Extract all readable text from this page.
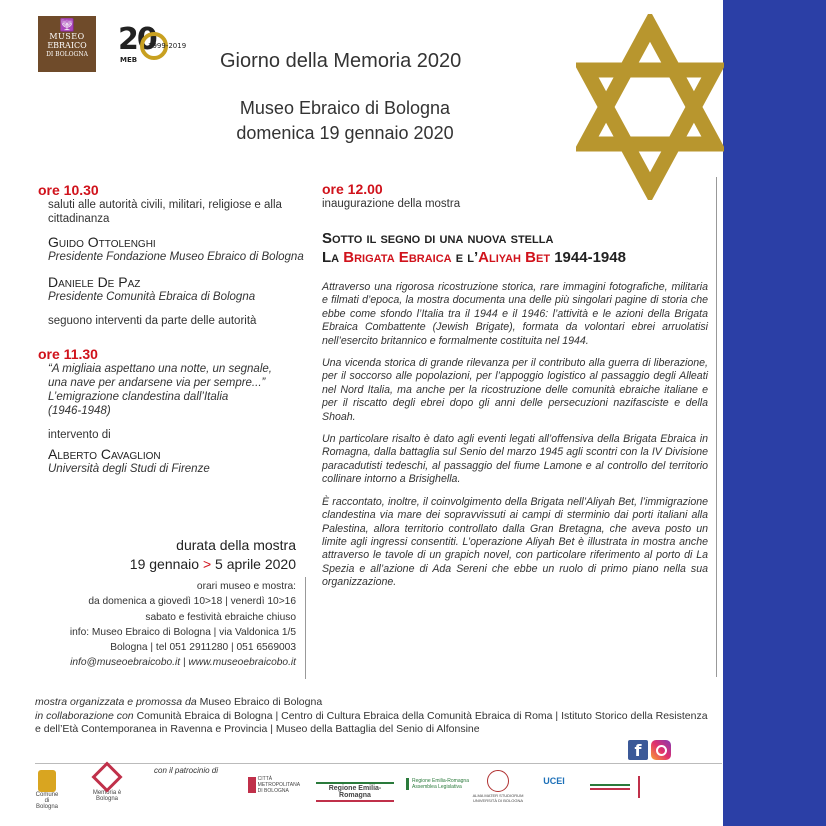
🕎
MUSEO
EBRAICO
DI BOLOGNA 20
1999-2019
MEB	Giorno della Memoria 2020
Museo Ebraico di Bologna
domenica 19 gennaio 2020
ore 10.30
saluti alle autorità civili, militari, religiose e alla cittadinanza
Guido Ottolenghi
Presidente Fondazione Museo Ebraico di Bologna
Daniele De Paz
Presidente Comunità Ebraica di Bologna
seguono interventi da parte delle autorità
ore 11.30
“A migliaia aspettano una notte, un segnale,
una nave per andarsene via per sempre...”
L’emigrazione clandestina dall’Italia
(1946-1948)
intervento di
Alberto Cavaglion
Università degli Studi di Firenze
durata della mostra
19 gennaio > 5 aprile 2020
orari museo e mostra:
da domenica a giovedì 10>18 | venerdì 10>16
sabato e festività ebraiche chiuso
info: Museo Ebraico di Bologna | via Valdonica 1/5
Bologna | tel 051 2911280 | 051 6569003
info@museoebraicobo.it | www.museoebraicobo.it
ore 12.00
inaugurazione della mostra
Sotto il segno di una nuova stella
La Brigata Ebraica e l’Aliyah Bet 1944-1948

Attraverso una rigorosa ricostruzione storica, rare immagini fotografiche, militaria e filmati d’epoca, la mostra documenta una delle più singolari pagine di storia che ebbe come sfondo l’Italia tra il 1944 e il 1946: l’attività e le azioni della Brigata Ebraica Combattente (Jewish Brigate), formata da volontari ebrei arruolatisi nell’esercito britannico e formalmente costituita nel 1944.

Una vicenda storica di grande rilevanza per il contributo alla guerra di liberazione, per il soccorso alle popolazioni, per l’appoggio logistico al passaggio degli Alleati nel Nord Italia, ma anche per la ricostruzione delle comunità ebraiche italiane e per il riscatto degli ebrei dopo gli anni delle persecuzioni nazifasciste e della Shoah.

Un particolare risalto è dato agli eventi legati all’offensiva della Brigata Ebraica in Romagna, dalla battaglia sul Senio del marzo 1945 agli scontri con la IV Divisione paracadutisti tedeschi, al passaggio del fiume Lamone e al controllo del territorio collinare intorno a Brisighella.

È raccontato, inoltre, il coinvolgimento della Brigata nell’Aliyah Bet, l’immigrazione clandestina via mare dei sopravvissuti ai campi di sterminio dai porti italiani alla Palestina, allora territorio controllato dalla Gran Bretagna, che aveva posto un limite agli ingressi consentiti. L’operazione Aliyah Bet è illustrata in mostra anche attraverso le tavole di un grapich novel, con particolare riferimento al porto di La Spezia e all’azione di Ada Sereni che ebbe un ruolo di primo piano nella sua organizzazione.

mostra organizzata e promossa da Museo Ebraico di Bologna
in collaborazione con Comunità Ebraica di Bologna | Centro di Cultura Ebraica della Comunità Ebraica di Roma | Istituto Storico della Resistenza e dell’Età Contemporanea in Ravenna e Provincia | Museo della Battaglia del Senio di Alfonsine
f
Comune di Bologna
Memoria è Bologna
con il patrocinio di
CITTÀ METROPOLITANA DI BOLOGNA	Regione Emilia-Romagna
Regione Emilia-Romagna Assemblea Legislativa
ALMA MATER STUDIORUM UNIVERSITÀ DI BOLOGNA
UCEI
